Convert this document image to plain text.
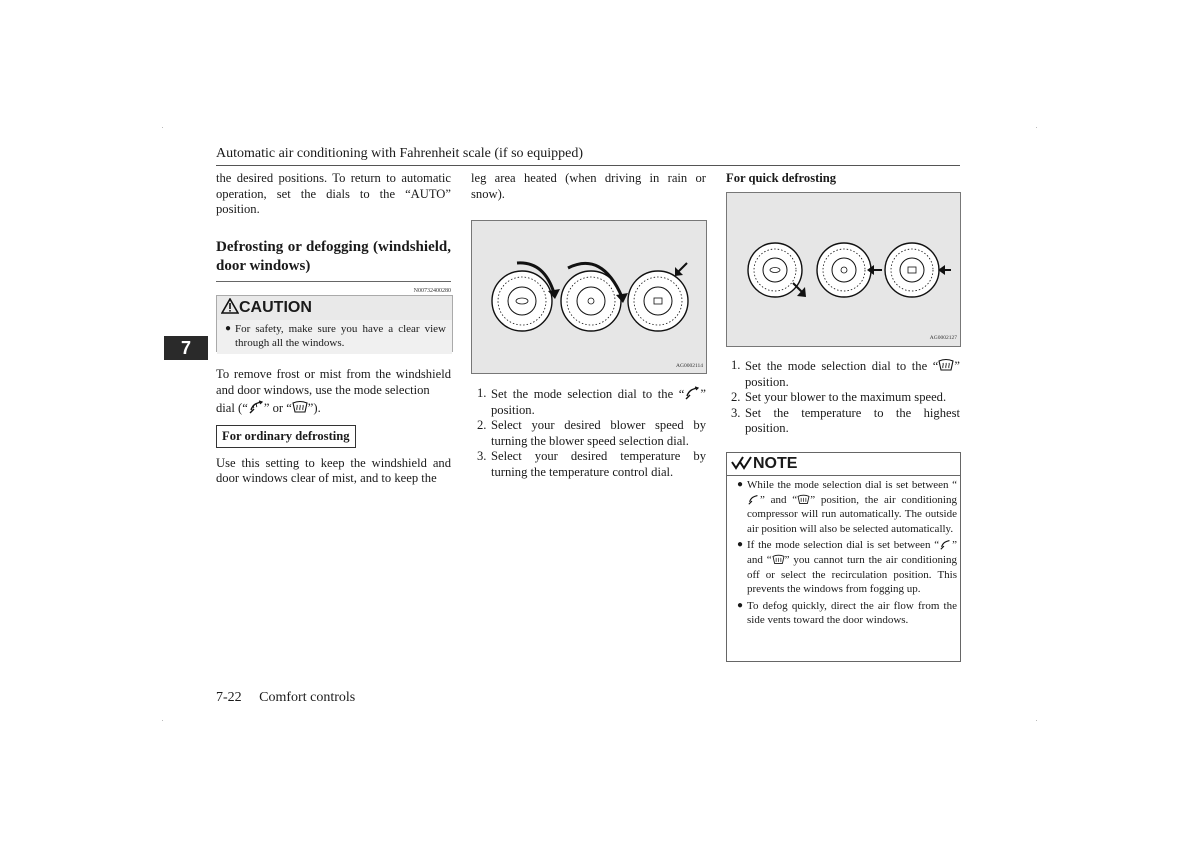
Automatic air conditioning with Fahrenheit scale (if so equipped)
7

the desired positions. To return to automatic operation, set the dials to the “AUTO” position.

Defrosting or defogging (windshield, door windows)

N00732400280
CAUTION
● For safety, make sure you have a clear view through all the windows.

To remove frost or mist from the windshield and door windows, use the mode selection

dial (“ ” or “ ”).

For ordinary defrosting

Use this setting to keep the windshield and door windows clear of mist, and to keep the

leg area heated (when driving in rain or snow).

AG0002114
1. Set the mode selection dial to the “ ” position.
2. Select your desired blower speed by turning the blower speed selection dial.
3. Select your desired temperature by turning the temperature control dial.

For quick defrosting

AG0002127
1. Set the mode selection dial to the “ ” position.
2. Set your blower to the maximum speed.
3. Set the temperature to the highest position.
NOTE
● While the mode selection dial is set between “” and “ ” position, the air conditioning compressor will run automatically. The outside air position will also be selected automatically.
● If the mode selection dial is set between “ ” and “ ” you cannot turn the air conditioning off or select the recirculation position. This prevents the windows from fogging up.
● To defog quickly, direct the air flow from the side vents toward the door windows.
7-22 Comfort controls
